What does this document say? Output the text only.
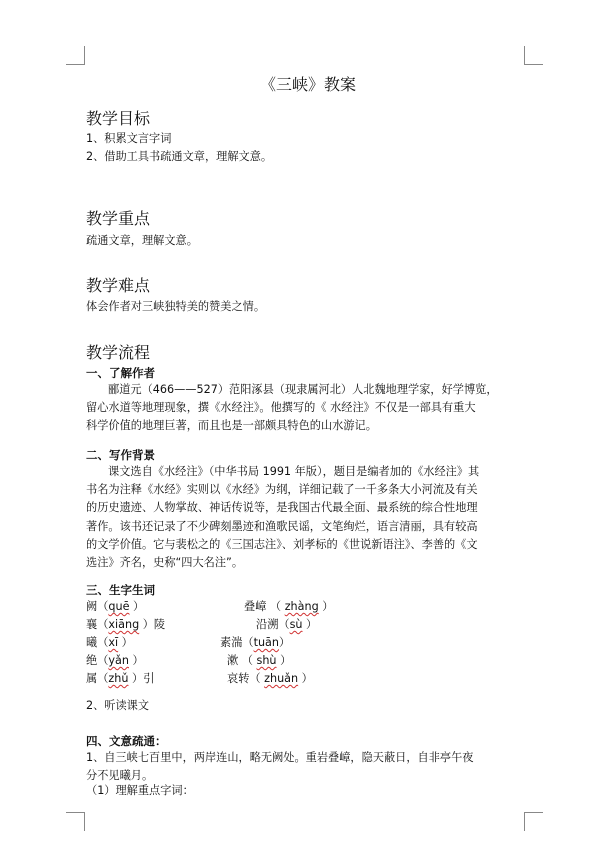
《三峡》教案
教学目标
1、积累文言字词
2、借助工具书疏通文章，理解文意。
教学重点
疏通文章，理解文意。
教学难点
体会作者对三峡独特美的赞美之情。
教学流程
一、了解作者
郦道元（466——527）范阳涿县（现隶属河北）人北魏地理学家，好学博览，
留心水道等地理现象，撰《水经注》。他撰写的《 水经注》不仅是一部具有重大
科学价值的地理巨著，而且也是一部颇具特色的山水游记。
二、写作背景
课文选自《水经注》（中华书局 1991 年版），题目是编者加的《水经注》其
书名为注释《水经》实则以《水经》为纲，详细记载了一千多条大小河流及有关
的历史遗迹、人物掌故、神话传说等，是我国古代最全面、最系统的综合性地理
著作。该书还记录了不少碑刻墨迹和渔歌民谣，文笔绚烂，语言清丽，具有较高
的文学价值。它与裴松之的《三国志注》、刘孝标的《世说新语注》、李善的《文
选注》齐名，史称“四大名注”。
三、生字生词
阙（quē ）
襄（xiāng ）陵
曦（xī ）
绝（yǎn ）
属（zhǔ ）引
叠嶂 （ zhàng ）
沿溯（sù ）
素湍（tuān）
漱 （ shù ）
哀转（ zhuǎn ）
2、听读课文
四、文意疏通：
1、自三峡七百里中，两岸连山，略无阙处。重岩叠嶂，隐天蔽日，自非亭午夜
分不见曦月。
（1）理解重点字词：
